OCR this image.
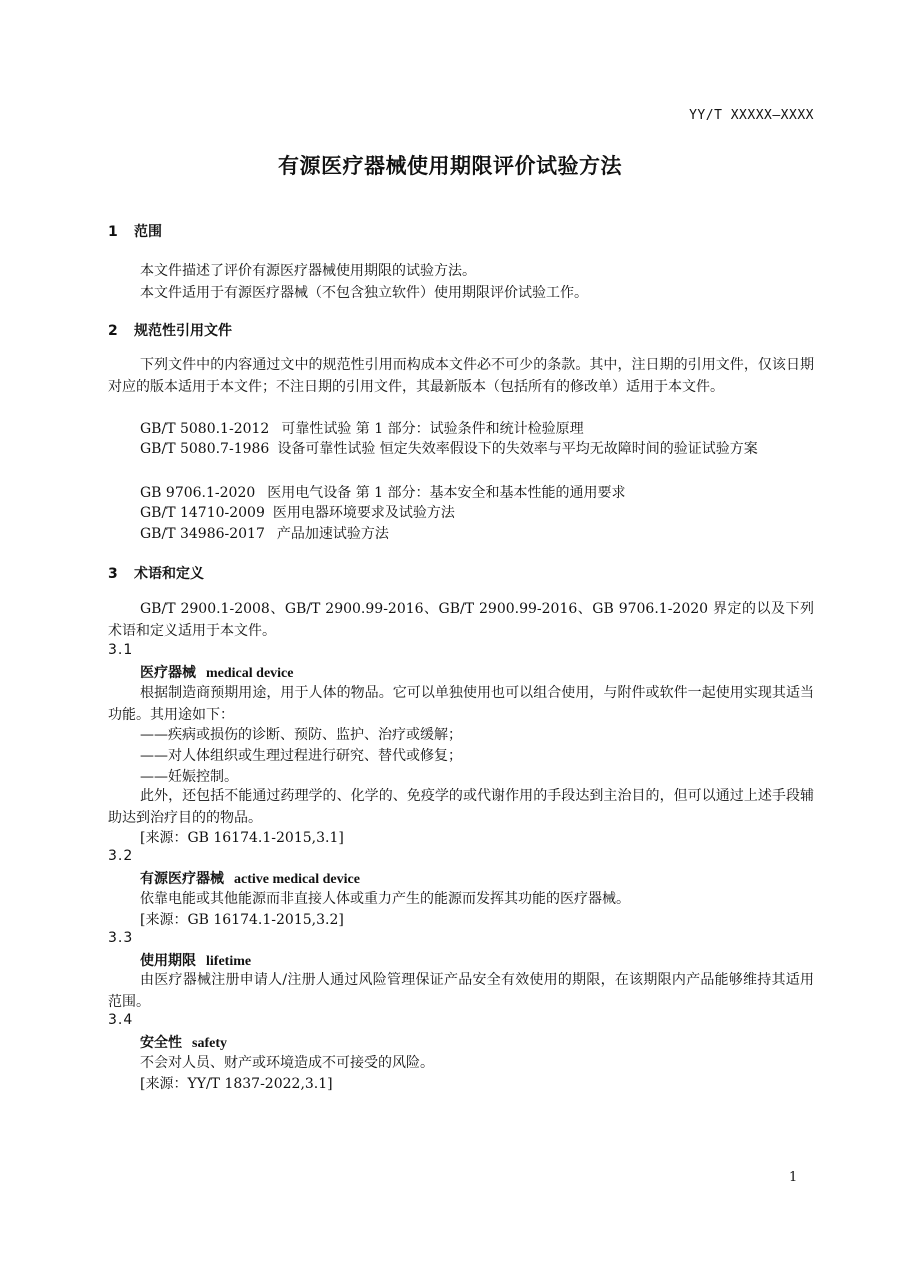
YY/T XXXXX—XXXX
有源医疗器械使用期限评价试验方法
1 范围
本文件描述了评价有源医疗器械使用期限的试验方法。
本文件适用于有源医疗器械（不包含独立软件）使用期限评价试验工作。
2 规范性引用文件
下列文件中的内容通过文中的规范性引用而构成本文件必不可少的条款。其中，注日期的引用文件，仅该日期对应的版本适用于本文件；不注日期的引用文件，其最新版本（包括所有的修改单）适用于本文件。
GB/T 5080.1-2012 可靠性试验 第 1 部分：试验条件和统计检验原理
GB/T 5080.7-1986 设备可靠性试验 恒定失效率假设下的失效率与平均无故障时间的验证试验方案
GB 9706.1-2020 医用电气设备 第 1 部分：基本安全和基本性能的通用要求
GB/T 14710-2009 医用电器环境要求及试验方法
GB/T 34986-2017 产品加速试验方法
3 术语和定义
GB/T 2900.1-2008、GB/T 2900.99-2016、GB/T 2900.99-2016、GB 9706.1-2020 界定的以及下列术语和定义适用于本文件。
3.1
医疗器械 medical device
根据制造商预期用途，用于人体的物品。它可以单独使用也可以组合使用，与附件或软件一起使用实现其适当功能。其用途如下：
——疾病或损伤的诊断、预防、监护、治疗或缓解；
——对人体组织或生理过程进行研究、替代或修复；
——妊娠控制。
此外，还包括不能通过药理学的、化学的、免疫学的或代谢作用的手段达到主治目的，但可以通过上述手段辅助达到治疗目的的物品。
[来源：GB 16174.1-2015,3.1]
3.2
有源医疗器械 active medical device
依靠电能或其他能源而非直接人体或重力产生的能源而发挥其功能的医疗器械。
[来源：GB 16174.1-2015,3.2]
3.3
使用期限 lifetime
由医疗器械注册申请人/注册人通过风险管理保证产品安全有效使用的期限，在该期限内产品能够维持其适用范围。
3.4
安全性 safety
不会对人员、财产或环境造成不可接受的风险。
[来源：YY/T 1837-2022,3.1]
1
